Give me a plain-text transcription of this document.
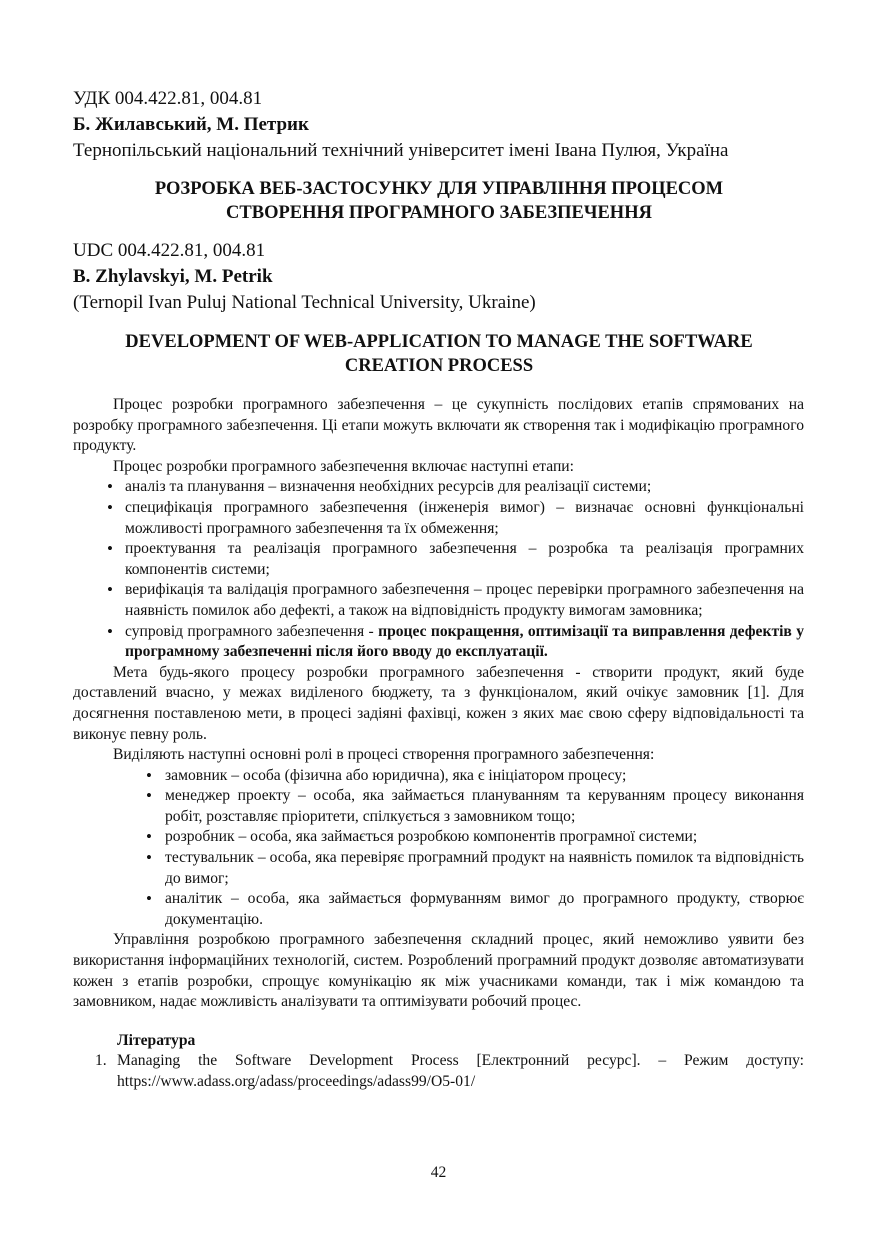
УДК 004.422.81, 004.81
Б. Жилавський, М. Петрик
Тернопільський національний технічний університет імені Івана Пулюя, Україна
РОЗРОБКА ВЕБ-ЗАСТОСУНКУ ДЛЯ УПРАВЛІННЯ ПРОЦЕСОМ
СТВОРЕННЯ ПРОГРАМНОГО ЗАБЕЗПЕЧЕННЯ
UDC 004.422.81, 004.81
B. Zhylavskyi, M. Petrik
(Ternopil Ivan Puluj National Technical University, Ukraine)
DEVELOPMENT OF WEB-APPLICATION TO MANAGE THE SOFTWARE
CREATION PROCESS

Процес розробки програмного забезпечення – це сукупність послідових етапів спрямованих на розробку програмного забезпечення. Ці етапи можуть включати як створення так і модифікацію програмного продукту.

Процес розробки програмного забезпечення включає наступні етапи:

• аналіз та планування – визначення необхідних ресурсів для реалізації системи;
• специфікація програмного забезпечення (інженерія вимог) – визначає основні функціональні можливості програмного забезпечення та їх обмеження;
• проектування та реалізація програмного забезпечення – розробка та реалізація програмних компонентів системи;
• верифікація та валідація програмного забезпечення – процес перевірки програмного забезпечення на наявність помилок або дефекті, а також на відповідність продукту вимогам замовника;
• супровід програмного забезпечення - процес покращення, оптимізації та виправлення дефектів у програмному забезпеченні після його вводу до експлуатації.

Мета будь-якого процесу розробки програмного забезпечення - створити продукт, який буде доставлений вчасно, у межах виділеного бюджету, та з функціоналом, який очікує замовник [1]. Для досягнення поставленою мети, в процесі задіяні фахівці, кожен з яких має свою сферу відповідальності та виконує певну роль.

Виділяють наступні основні ролі в процесі створення програмного забезпечення:

• замовник – особа (фізична або юридична), яка є ініціатором процесу;
• менеджер проекту – особа, яка займається плануванням та керуванням процесу виконання робіт, розставляє пріоритети, спілкується з замовником тощо;
• розробник – особа, яка займається розробкою компонентів програмної системи;
• тестувальник – особа, яка перевіряє програмний продукт на наявність помилок та відповідність до вимог;
• аналітик – особа, яка займається формуванням вимог до програмного продукту, створює документацію.

Управління розробкою програмного забезпечення складний процес, який неможливо уявити без використання інформаційних технологій, систем. Розроблений програмний продукт дозволяє автоматизувати кожен з етапів розробки, спрощує комунікацію як між учасниками команди, так і між командою та замовником, надає можливість аналізувати та оптимізувати робочий процес.

Література
1. Managing the Software Development Process [Електронний ресурс]. – Режим доступу: https://www.adass.org/adass/proceedings/adass99/O5-01/
42
